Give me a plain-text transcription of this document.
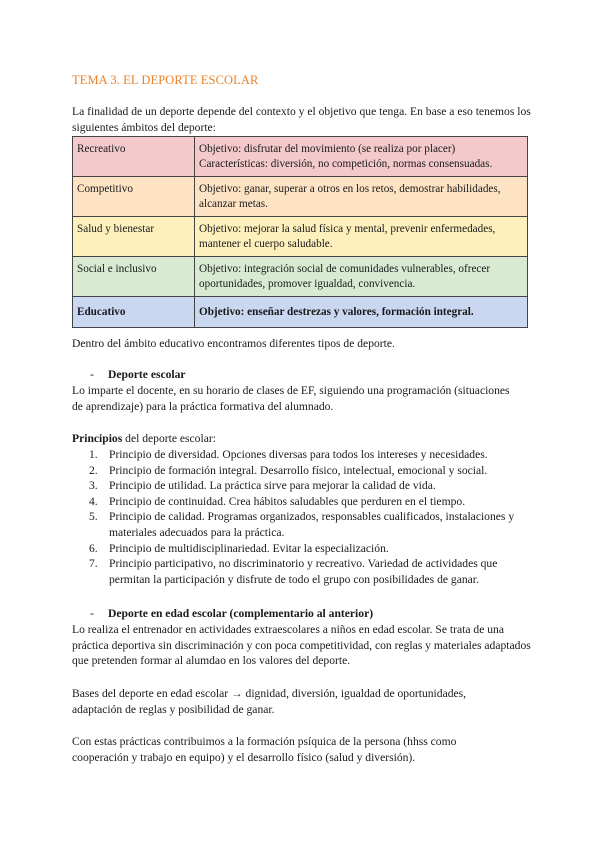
TEMA 3. EL DEPORTE ESCOLAR
La finalidad de un deporte depende del contexto y el objetivo que tenga. En base a eso tenemos los siguientes ámbitos del deporte:
Recreativo	Objetivo: disfrutar del movimiento (se realiza por placer) Características: diversión, no competición, normas consensuadas.
Competitivo	Objetivo: ganar, superar a otros en los retos, demostrar habilidades, alcanzar metas.
Salud y bienestar	Objetivo: mejorar la salud física y mental, prevenir enfermedades, mantener el cuerpo saludable.
Social e inclusivo	Objetivo: integración social de comunidades vulnerables, ofrecer oportunidades, promover igualdad, convivencia.
Educativo	Objetivo: enseñar destrezas y valores, formación integral.
Dentro del ámbito educativo encontramos diferentes tipos de deporte.
- Deporte escolar
Lo imparte el docente, en su horario de clases de EF, siguiendo una programación (situaciones de aprendizaje) para la práctica formativa del alumnado.
Principios del deporte escolar:
1. Principio de diversidad. Opciones diversas para todos los intereses y necesidades.
2. Principio de formación integral. Desarrollo físico, intelectual, emocional y social.
3. Principio de utilidad. La práctica sirve para mejorar la calidad de vida.
4. Principio de continuidad. Crea hábitos saludables que perduren en el tiempo.
5. Principio de calidad. Programas organizados, responsables cualificados, instalaciones y materiales adecuados para la práctica.
6. Principio de multidisciplinariedad. Evitar la especialización.
7. Principio participativo, no discriminatorio y recreativo. Variedad de actividades que permitan la participación y disfrute de todo el grupo con posibilidades de ganar.
- Deporte en edad escolar (complementario al anterior)
Lo realiza el entrenador en actividades extraescolares a niños en edad escolar. Se trata de una práctica deportiva sin discriminación y con poca competitividad, con reglas y materiales adaptados que pretenden formar al alumdao en los valores del deporte.
Bases del deporte en edad escolar → dignidad, diversión, igualdad de oportunidades, adaptación de reglas y posibilidad de ganar.
Con estas prácticas contribuimos a la formación psíquica de la persona (hhss como cooperación y trabajo en equipo) y el desarrollo físico (salud y diversión).
